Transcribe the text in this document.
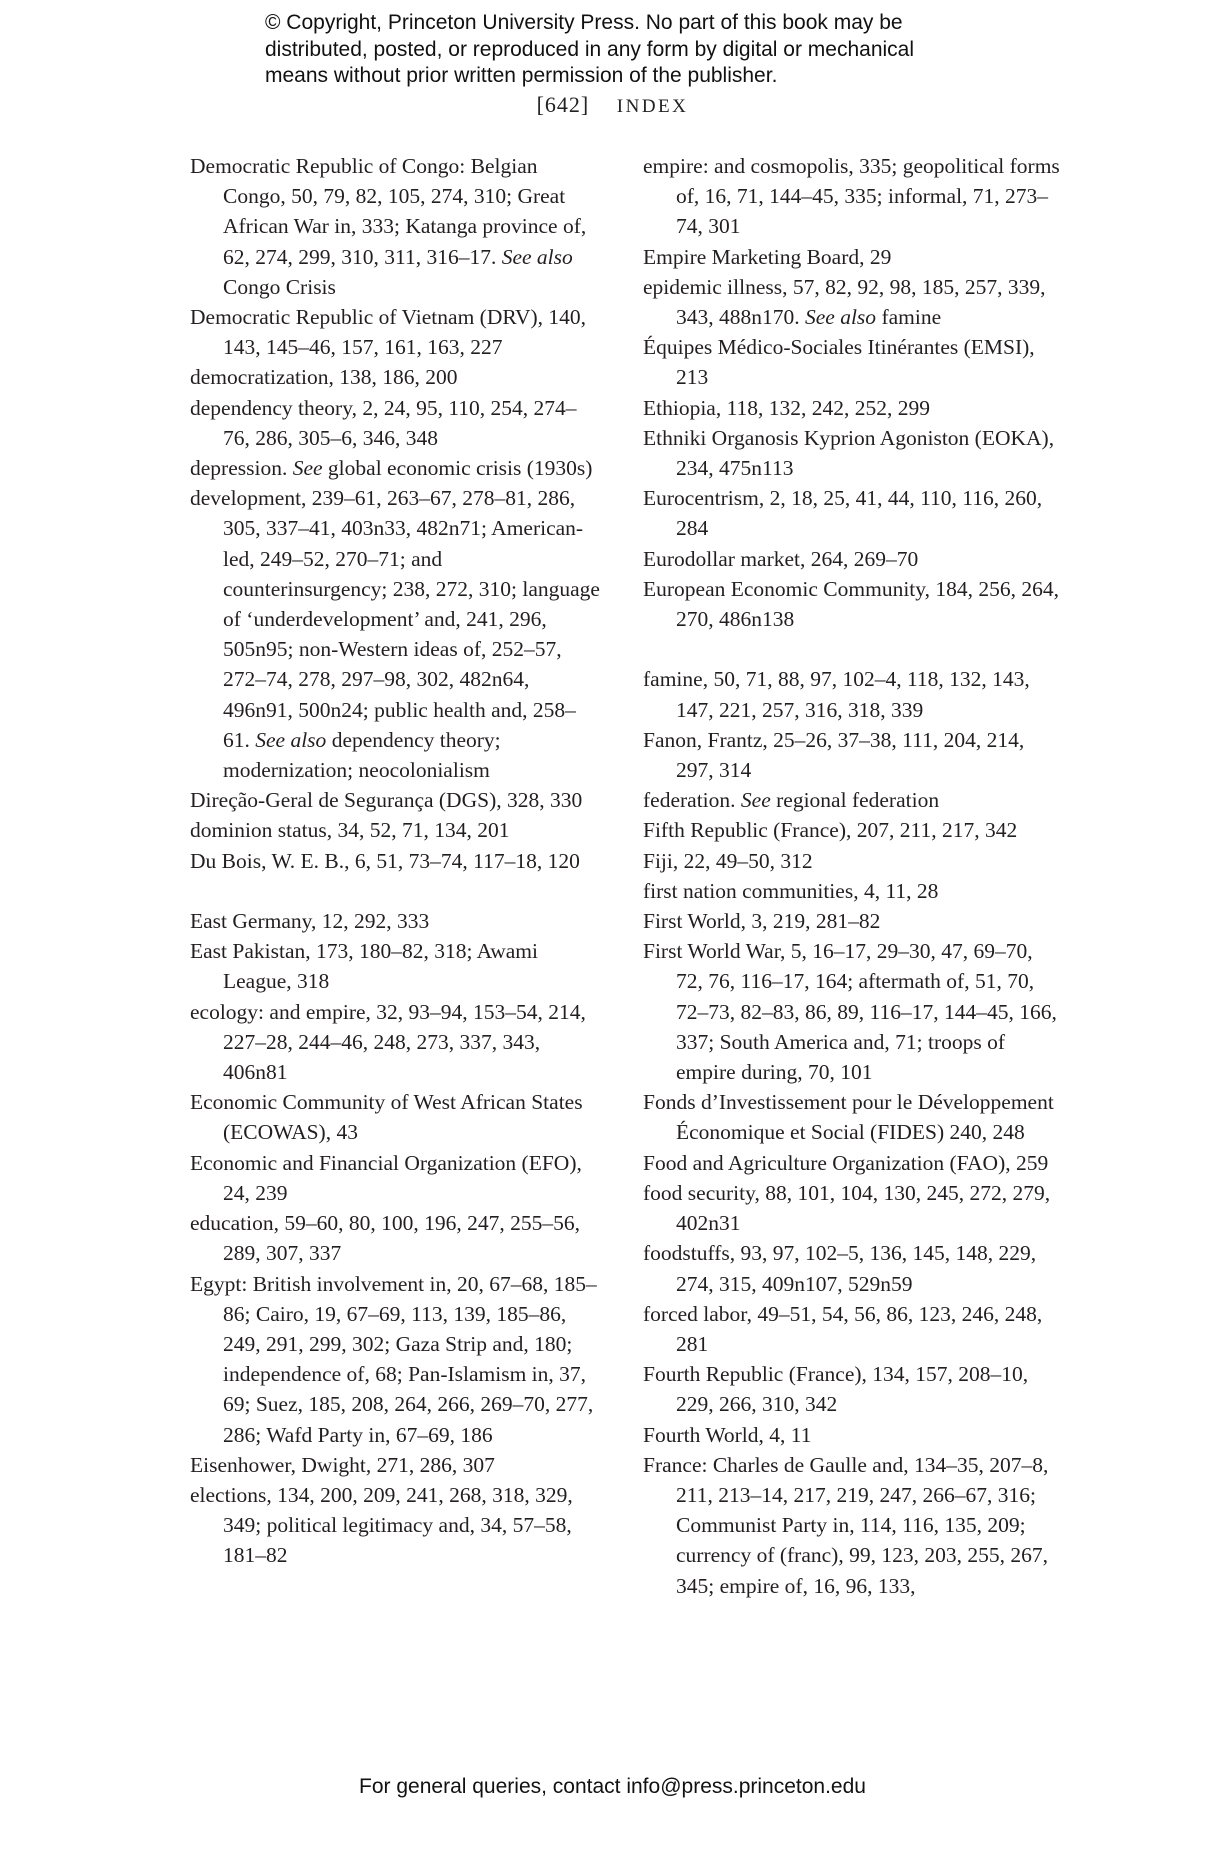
© Copyright, Princeton University Press. No part of this book may be
distributed, posted, or reproduced in any form by digital or mechanical
means without prior written permission of the publisher.
[642] INDEX
Democratic Republic of Congo: Belgian Congo, 50, 79, 82, 105, 274, 310; Great African War in, 333; Katanga province of, 62, 274, 299, 310, 311, 316–17. See also Congo Crisis
Democratic Republic of Vietnam (DRV), 140, 143, 145–46, 157, 161, 163, 227
democratization, 138, 186, 200
dependency theory, 2, 24, 95, 110, 254, 274–76, 286, 305–6, 346, 348
depression. See global economic crisis (1930s)
development, 239–61, 263–67, 278–81, 286, 305, 337–41, 403n33, 482n71; American-led, 249–52, 270–71; and counterinsurgency; 238, 272, 310; language of ‘underdevelopment’ and, 241, 296, 505n95; non-Western ideas of, 252–57, 272–74, 278, 297–98, 302, 482n64, 496n91, 500n24; public health and, 258–61. See also dependency theory; modernization; neocolonialism
Direção-Geral de Segurança (DGS), 328, 330
dominion status, 34, 52, 71, 134, 201
Du Bois, W. E. B., 6, 51, 73–74, 117–18, 120
East Germany, 12, 292, 333
East Pakistan, 173, 180–82, 318; Awami League, 318
ecology: and empire, 32, 93–94, 153–54, 214, 227–28, 244–46, 248, 273, 337, 343, 406n81
Economic Community of West African States (ECOWAS), 43
Economic and Financial Organization (EFO), 24, 239
education, 59–60, 80, 100, 196, 247, 255–56, 289, 307, 337
Egypt: British involvement in, 20, 67–68, 185–86; Cairo, 19, 67–69, 113, 139, 185–86, 249, 291, 299, 302; Gaza Strip and, 180; independence of, 68; Pan-Islamism in, 37, 69; Suez, 185, 208, 264, 266, 269–70, 277, 286; Wafd Party in, 67–69, 186
Eisenhower, Dwight, 271, 286, 307
elections, 134, 200, 209, 241, 268, 318, 329, 349; political legitimacy and, 34, 57–58, 181–82
empire: and cosmopolis, 335; geopolitical forms of, 16, 71, 144–45, 335; informal, 71, 273–74, 301
Empire Marketing Board, 29
epidemic illness, 57, 82, 92, 98, 185, 257, 339, 343, 488n170. See also famine
Équipes Médico-Sociales Itinérantes (EMSI), 213
Ethiopia, 118, 132, 242, 252, 299
Ethniki Organosis Kyprion Agoniston (EOKA), 234, 475n113
Eurocentrism, 2, 18, 25, 41, 44, 110, 116, 260, 284
Eurodollar market, 264, 269–70
European Economic Community, 184, 256, 264, 270, 486n138
famine, 50, 71, 88, 97, 102–4, 118, 132, 143, 147, 221, 257, 316, 318, 339
Fanon, Frantz, 25–26, 37–38, 111, 204, 214, 297, 314
federation. See regional federation
Fifth Republic (France), 207, 211, 217, 342
Fiji, 22, 49–50, 312
first nation communities, 4, 11, 28
First World, 3, 219, 281–82
First World War, 5, 16–17, 29–30, 47, 69–70, 72, 76, 116–17, 164; aftermath of, 51, 70, 72–73, 82–83, 86, 89, 116–17, 144–45, 166, 337; South America and, 71; troops of empire during, 70, 101
Fonds d’Investissement pour le Développement Économique et Social (FIDES) 240, 248
Food and Agriculture Organization (FAO), 259
food security, 88, 101, 104, 130, 245, 272, 279, 402n31
foodstuffs, 93, 97, 102–5, 136, 145, 148, 229, 274, 315, 409n107, 529n59
forced labor, 49–51, 54, 56, 86, 123, 246, 248, 281
Fourth Republic (France), 134, 157, 208–10, 229, 266, 310, 342
Fourth World, 4, 11
France: Charles de Gaulle and, 134–35, 207–8, 211, 213–14, 217, 219, 247, 266–67, 316; Communist Party in, 114, 116, 135, 209; currency of (franc), 99, 123, 203, 255, 267, 345; empire of, 16, 96, 133,
For general queries, contact info@press.princeton.edu
